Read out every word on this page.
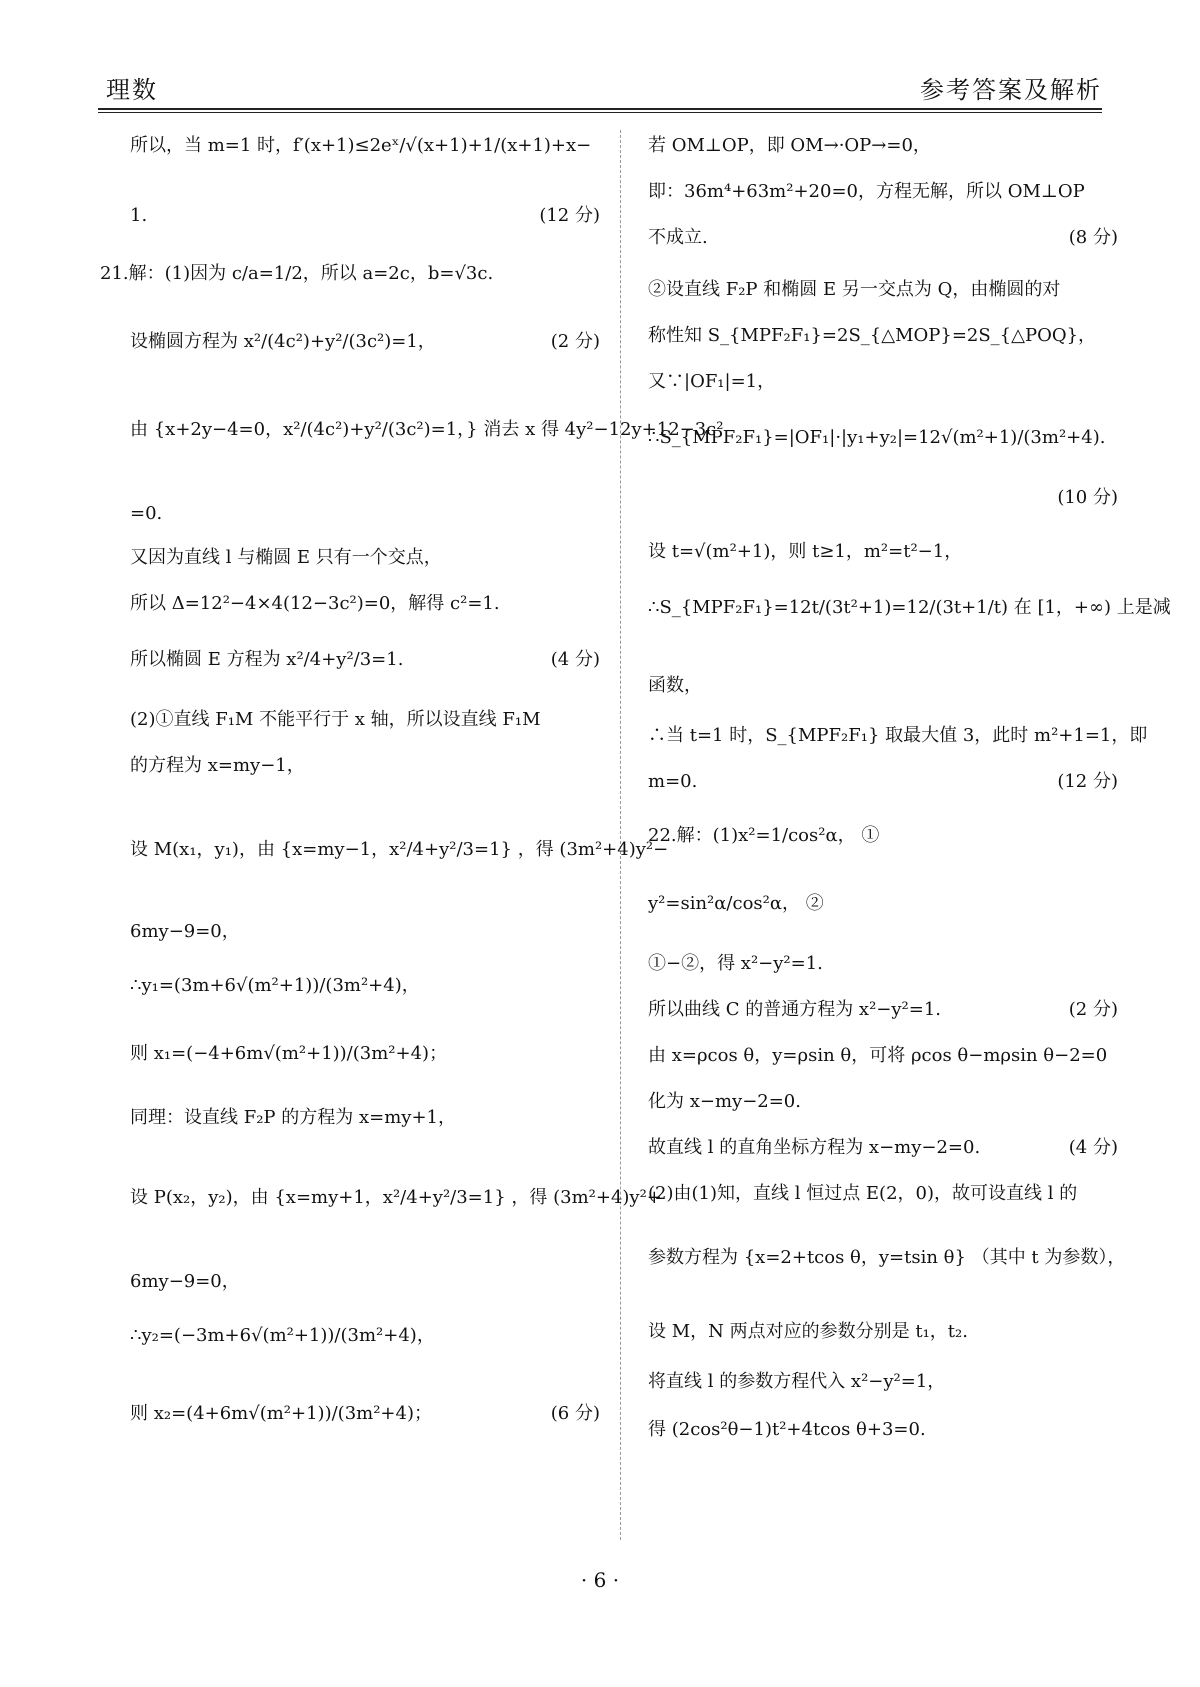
理数	参考答案及解析
所以，当 m=1 时，f′(x+1)≤2eˣ/√(x+1)+1/(x+1)+x−
1.	(12 分)
21.解：(1)因为 c/a=1/2，所以 a=2c，b=√3c.
设椭圆方程为 x²/(4c²)+y²/(3c²)=1，	(2 分)
由 {x+2y−4=0，x²/(4c²)+y²/(3c²)=1，} 消去 x 得 4y²−12y+12−3c²
=0.
又因为直线 l 与椭圆 E 只有一个交点，
所以 Δ=12²−4×4(12−3c²)=0，解得 c²=1.
所以椭圆 E 方程为 x²/4+y²/3=1.	(4 分)
(2)①直线 F₁M 不能平行于 x 轴，所以设直线 F₁M
的方程为 x=my−1，
设 M(x₁，y₁)，由 {x=my−1，x²/4+y²/3=1} ，得 (3m²+4)y²−
6my−9=0，
∴y₁=(3m+6√(m²+1))/(3m²+4)，
则 x₁=(−4+6m√(m²+1))/(3m²+4)；
同理：设直线 F₂P 的方程为 x=my+1，
设 P(x₂，y₂)，由 {x=my+1，x²/4+y²/3=1} ，得 (3m²+4)y²+
6my−9=0，
∴y₂=(−3m+6√(m²+1))/(3m²+4)，
则 x₂=(4+6m√(m²+1))/(3m²+4)；	(6 分)
若 OM⊥OP，即 OM→·OP→=0，
即：36m⁴+63m²+20=0，方程无解，所以 OM⊥OP
不成立.	(8 分)
②设直线 F₂P 和椭圆 E 另一交点为 Q，由椭圆的对
称性知 S_{MPF₂F₁}=2S_{△MOP}=2S_{△POQ}，
又∵|OF₁|=1，
∴S_{MPF₂F₁}=|OF₁|·|y₁+y₂|=12√(m²+1)/(3m²+4).
(10 分)
设 t=√(m²+1)，则 t≥1，m²=t²−1，
∴S_{MPF₂F₁}=12t/(3t²+1)=12/(3t+1/t) 在 [1，+∞) 上是减
函数，
∴当 t=1 时，S_{MPF₂F₁} 取最大值 3，此时 m²+1=1，即
m=0.	(12 分)
22.解：(1)x²=1/cos²α， ①
y²=sin²α/cos²α， ②
①−②，得 x²−y²=1.
所以曲线 C 的普通方程为 x²−y²=1.	(2 分)
由 x=ρcos θ，y=ρsin θ，可将 ρcos θ−mρsin θ−2=0
化为 x−my−2=0.
故直线 l 的直角坐标方程为 x−my−2=0.	(4 分)
(2)由(1)知，直线 l 恒过点 E(2，0)，故可设直线 l 的
参数方程为 {x=2+tcos θ，y=tsin θ} （其中 t 为参数），
设 M，N 两点对应的参数分别是 t₁，t₂.
将直线 l 的参数方程代入 x²−y²=1，
得 (2cos²θ−1)t²+4tcos θ+3=0.
· 6 ·
